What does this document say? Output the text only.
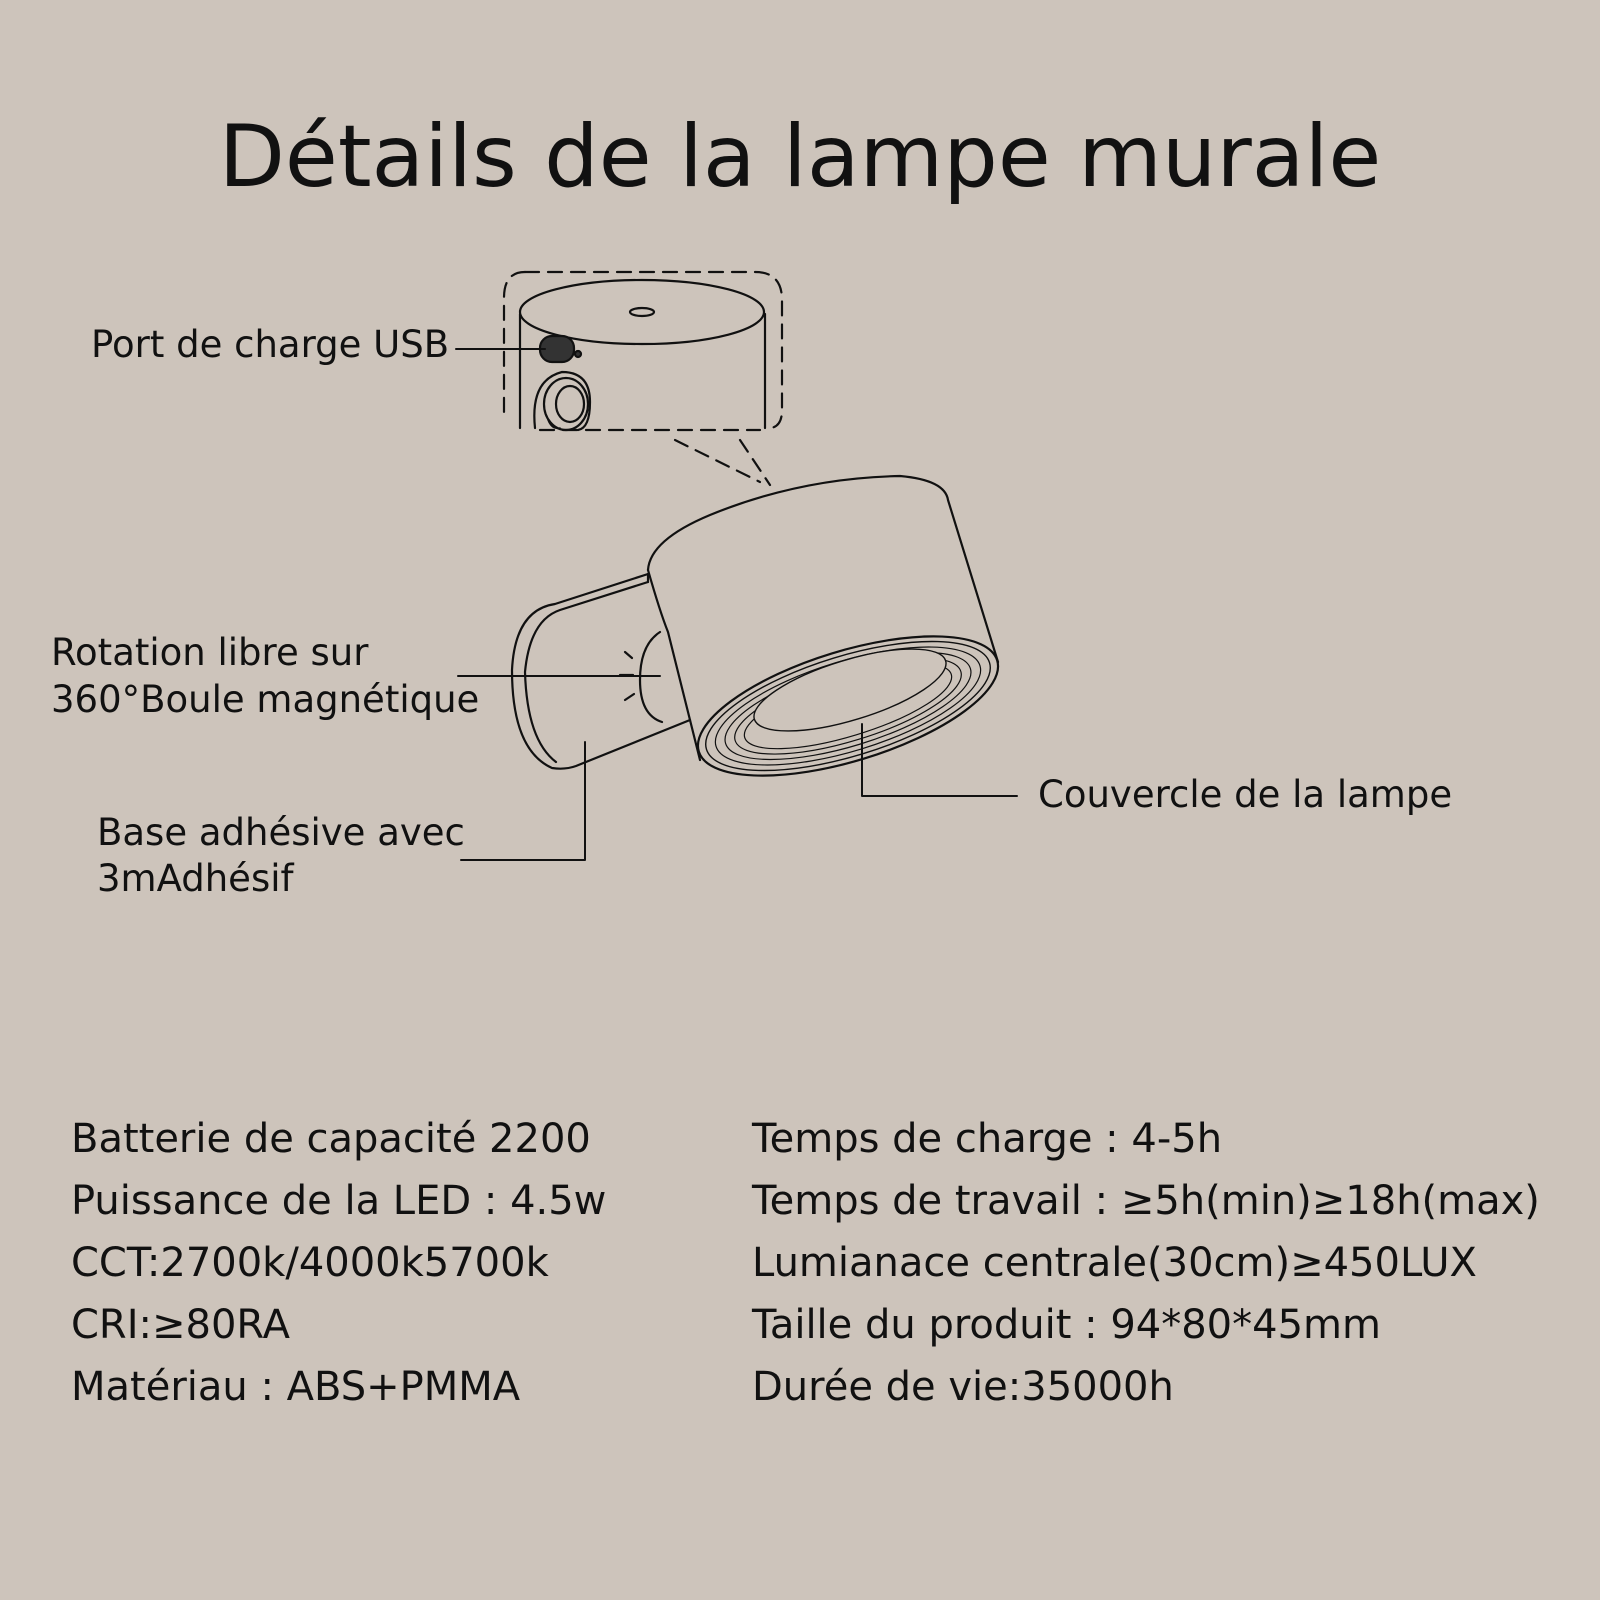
Détails de la lampe murale
Port de charge USB
Rotation libre sur
360°Boule magnétique
Base adhésive avec
3mAdhésif
Couvercle de la lampe
Batterie de capacité 2200
Puissance de la LED : 4.5w
CCT:2700k/4000k5700k
CRI:≥80RA
Matériau : ABS+PMMA
Temps de charge : 4-5h
Temps de travail : ≥5h(min)≥18h(max)
Lumianace centrale(30cm)≥450LUX
Taille du produit : 94*80*45mm
Durée de vie:35000h
